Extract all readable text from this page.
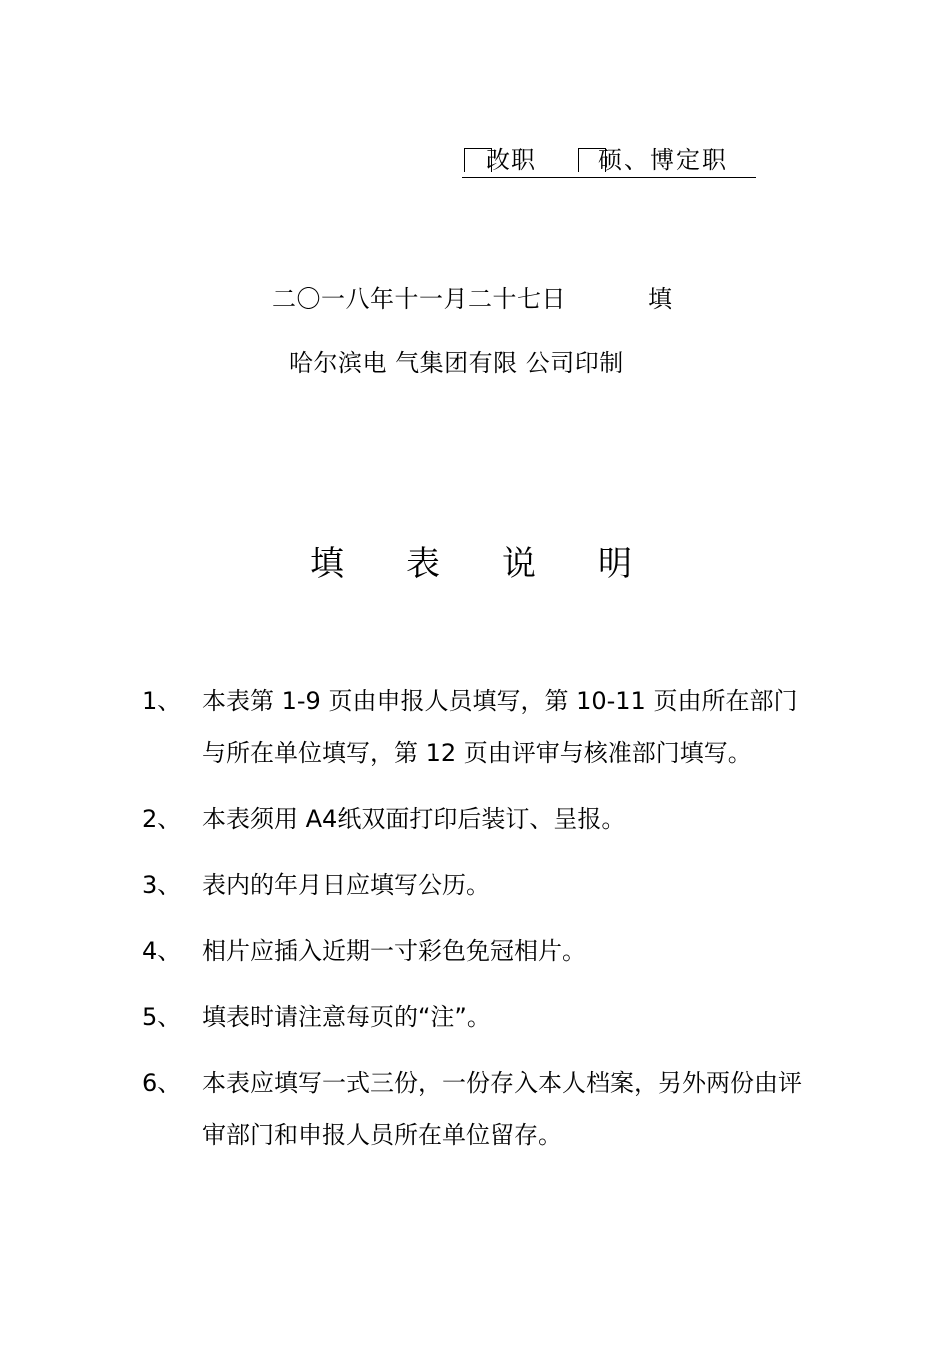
改职	硕、博定职
二〇一八年十一月二十七日	填
哈尔滨电 气集团有限 公司印制
填表说明
1、 本表第 1-9 页由申报人员填写，第 10-11 页由所在部门与所在单位填写，第 12 页由评审与核准部门填写。
2、 本表须用 A4纸双面打印后装订、呈报。
3、 表内的年月日应填写公历。
4、 相片应插入近期一寸彩色免冠相片。
5、 填表时请注意每页的“注”。
6、 本表应填写一式三份，一份存入本人档案，另外两份由评审部门和申报人员所在单位留存。
